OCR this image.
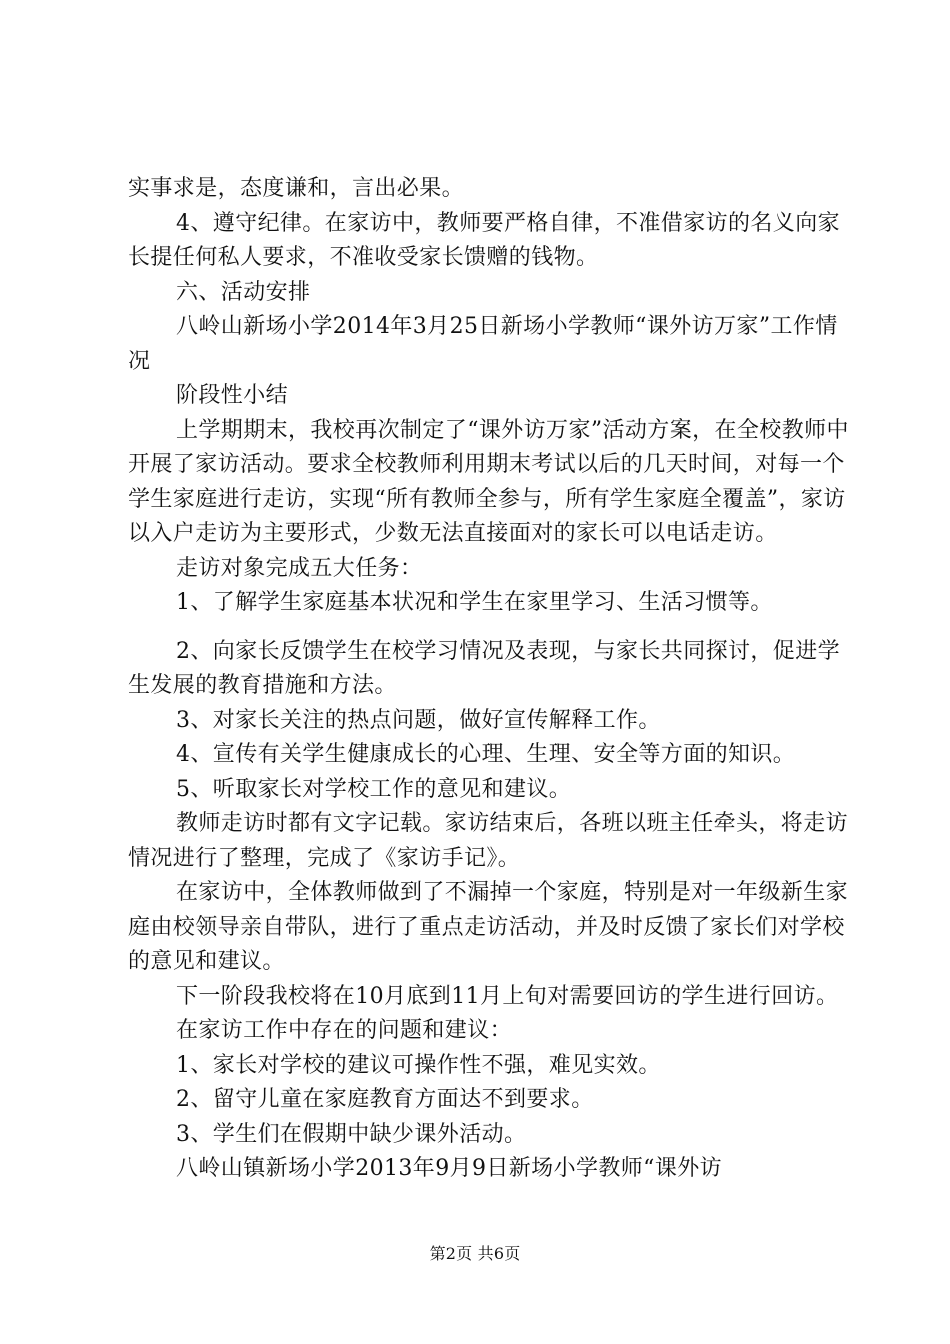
实事求是，态度谦和，言出必果。

4、遵守纪律。在家访中，教师要严格自律，不准借家访的名义向家长提任何私人要求，不准收受家长馈赠的钱物。

六、活动安排

八岭山新场小学2014年3月25日新场小学教师“课外访万家”工作情况

阶段性小结

上学期期末，我校再次制定了“课外访万家”活动方案，在全校教师中开展了家访活动。要求全校教师利用期末考试以后的几天时间，对每一个学生家庭进行走访，实现“所有教师全参与，所有学生家庭全覆盖”，家访以入户走访为主要形式，少数无法直接面对的家长可以电话走访。

走访对象完成五大任务：

1、了解学生家庭基本状况和学生在家里学习、生活习惯等。

2、向家长反馈学生在校学习情况及表现，与家长共同探讨，促进学生发展的教育措施和方法。

3、对家长关注的热点问题，做好宣传解释工作。

4、宣传有关学生健康成长的心理、生理、安全等方面的知识。

5、听取家长对学校工作的意见和建议。

教师走访时都有文字记载。家访结束后，各班以班主任牵头，将走访情况进行了整理，完成了《家访手记》。

在家访中，全体教师做到了不漏掉一个家庭，特别是对一年级新生家庭由校领导亲自带队，进行了重点走访活动，并及时反馈了家长们对学校的意见和建议。

下一阶段我校将在10月底到11月上旬对需要回访的学生进行回访。

在家访工作中存在的问题和建议：

1、家长对学校的建议可操作性不强，难见实效。

2、留守儿童在家庭教育方面达不到要求。

3、学生们在假期中缺少课外活动。

八岭山镇新场小学2013年9月9日新场小学教师“课外访

第2页 共6页
